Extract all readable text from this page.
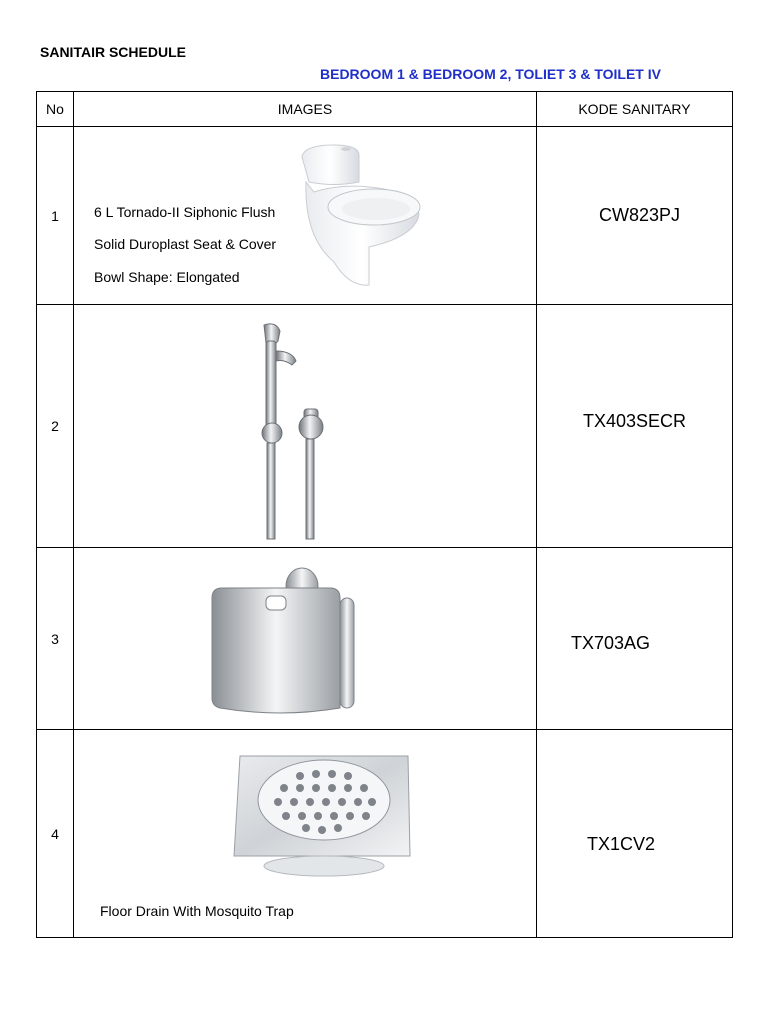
SANITAIR SCHEDULE
BEDROOM 1 & BEDROOM 2, TOLIET 3 & TOILET IV
No	IMAGES	KODE SANITARY
1	6 L Tornado-II Siphonic Flush
Solid Duroplast Seat & Cover
Bowl Shape: Elongated	CW823PJ

2		TX403SECR

3		TX703AG

4	Floor Drain With Mosquito Trap	TX1CV2
